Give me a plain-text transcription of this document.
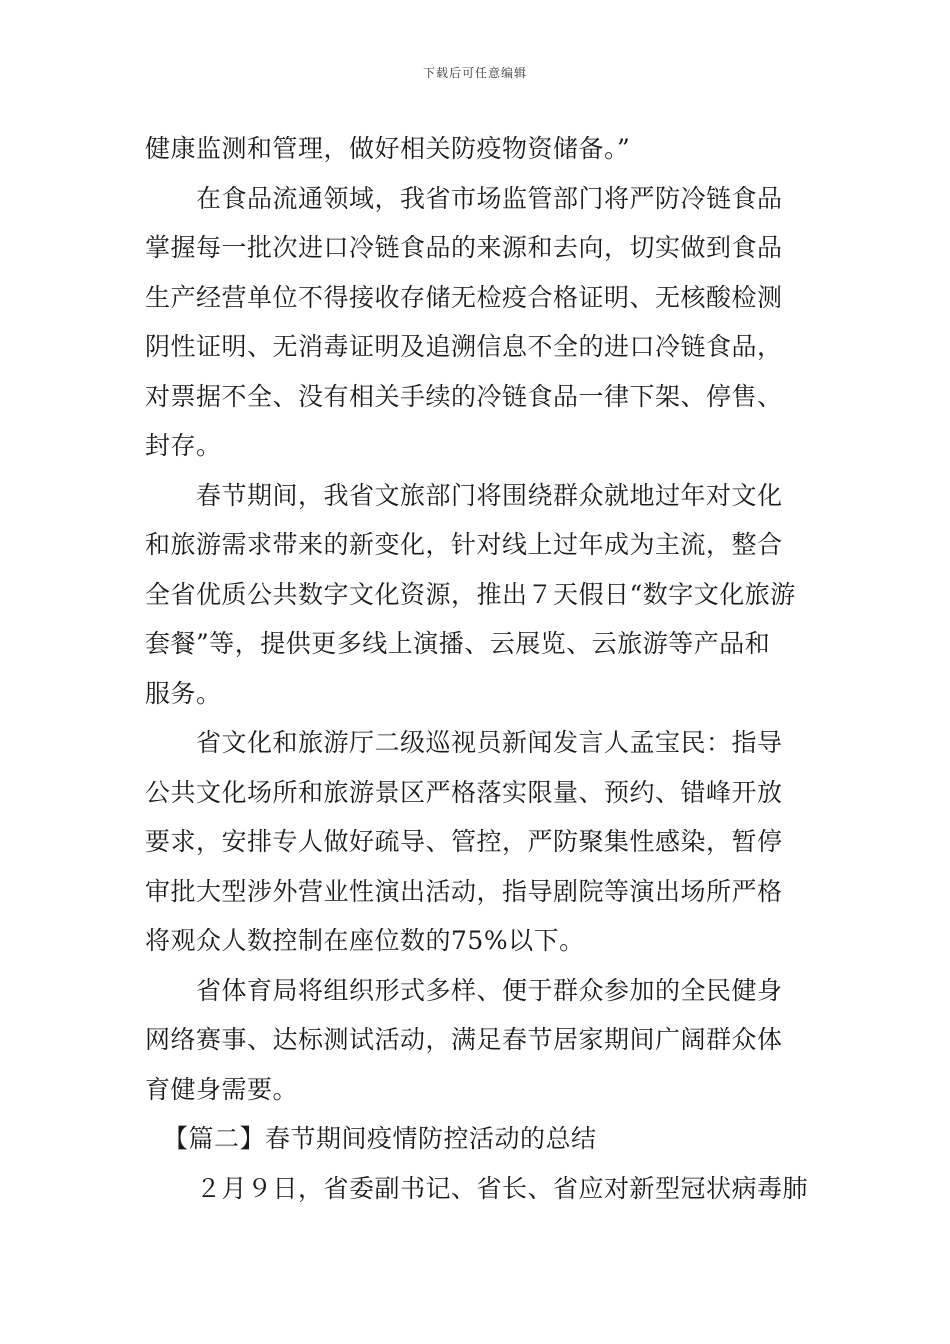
下载后可任意编辑
健康监测和管理，做好相关防疫物资储备。”
在食品流通领域，我省市场监管部门将严防冷链食品
掌握每一批次进口冷链食品的来源和去向，切实做到食品
生产经营单位不得接收存储无检疫合格证明、无核酸检测
阴性证明、无消毒证明及追溯信息不全的进口冷链食品，
对票据不全、没有相关手续的冷链食品一律下架、停售、
封存。
春节期间，我省文旅部门将围绕群众就地过年对文化
和旅游需求带来的新变化，针对线上过年成为主流，整合
全省优质公共数字文化资源，推出７天假日“数字文化旅游
套餐”等，提供更多线上演播、云展览、云旅游等产品和
服务。
省文化和旅游厅二级巡视员新闻发言人孟宝民：指导
公共文化场所和旅游景区严格落实限量、预约、错峰开放
要求，安排专人做好疏导、管控，严防聚集性感染，暂停
审批大型涉外营业性演出活动，指导剧院等演出场所严格
将观众人数控制在座位数的75%以下。
省体育局将组织形式多样、便于群众参加的全民健身
网络赛事、达标测试活动，满足春节居家期间广阔群众体
育健身需要。
【篇二】春节期间疫情防控活动的总结
２月９日，省委副书记、省长、省应对新型冠状病毒肺
